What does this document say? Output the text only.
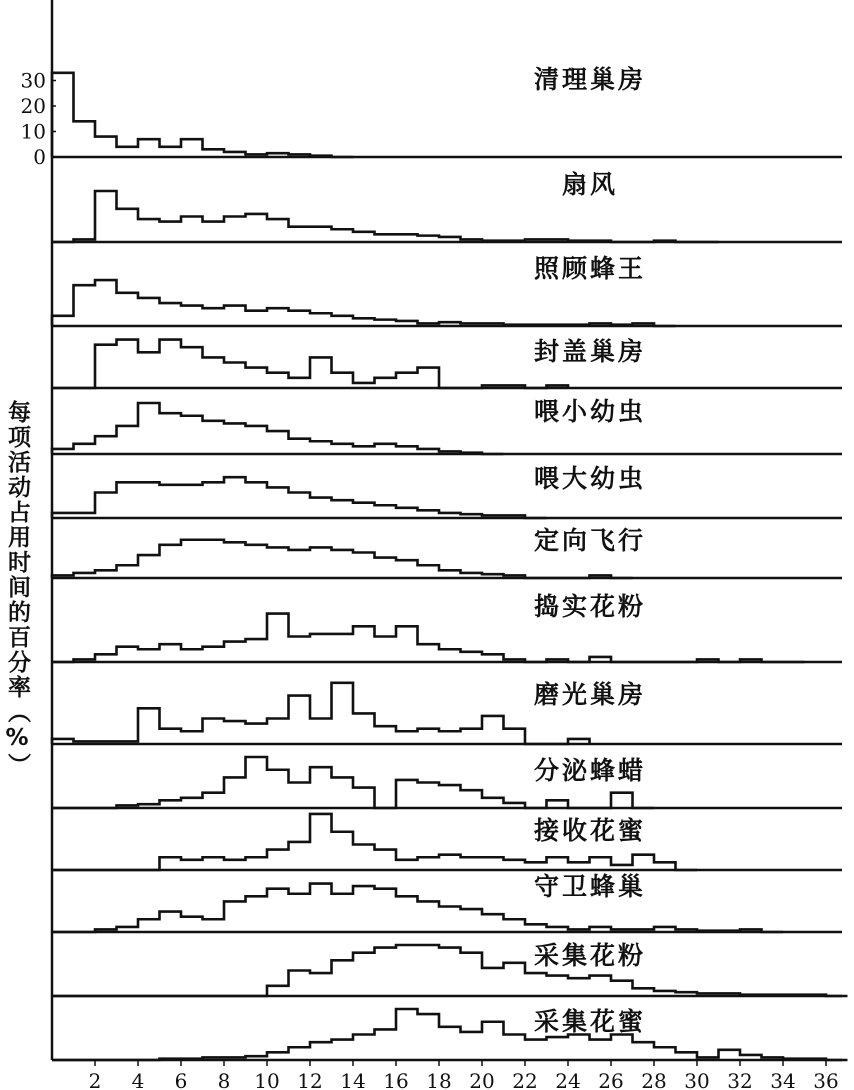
每项活动占用时间的百分率（%）
清理巢房
扇风
照顾蜂王
封盖巢房
喂小幼虫
喂大幼虫
定向飞行
捣实花粉
磨光巢房
分泌蜂蜡
接收花蜜
守卫蜂巢
采集花粉
采集花蜜
30
20
10
0
2 4 6 8 10 12 14 16 18 20 22 24 26 28 30 32 34 36
